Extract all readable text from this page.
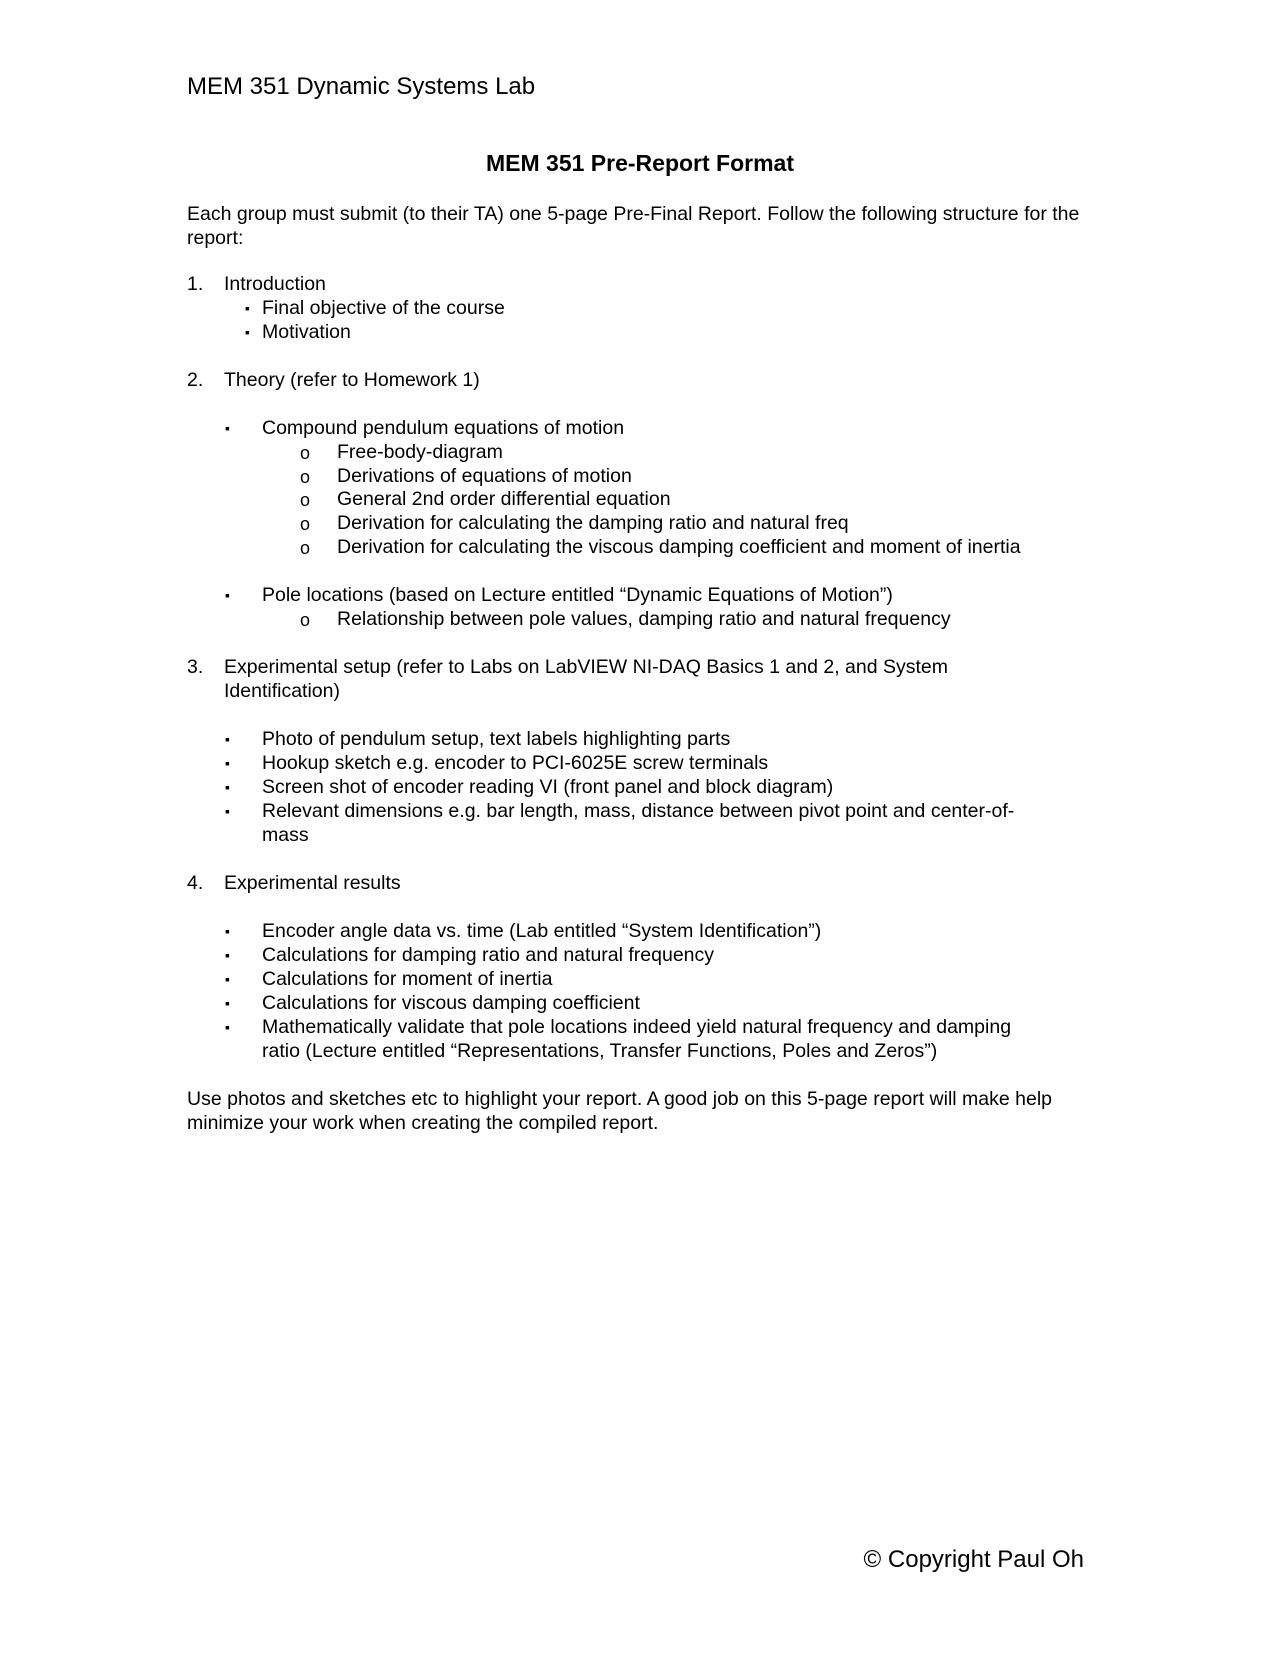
MEM 351 Dynamic Systems Lab
MEM 351 Pre-Report Format
Each group must submit (to their TA) one 5-page Pre-Final Report. Follow the following structure for the report:
1. Introduction
▪ Final objective of the course
▪ Motivation
2. Theory (refer to Homework 1)
▪ Compound pendulum equations of motion
o Free-body-diagram
o Derivations of equations of motion
o General 2nd order differential equation
o Derivation for calculating the damping ratio and natural freq
o Derivation for calculating the viscous damping coefficient and moment of inertia
▪ Pole locations (based on Lecture entitled “Dynamic Equations of Motion”)
o Relationship between pole values, damping ratio and natural frequency
3. Experimental setup (refer to Labs on LabVIEW NI-DAQ Basics 1 and 2, and System
Identification)
▪ Photo of pendulum setup, text labels highlighting parts
▪ Hookup sketch e.g. encoder to PCI-6025E screw terminals
▪ Screen shot of encoder reading VI (front panel and block diagram)
▪ Relevant dimensions e.g. bar length, mass, distance between pivot point and center-of-
mass
4. Experimental results
▪ Encoder angle data vs. time (Lab entitled “System Identification”)
▪ Calculations for damping ratio and natural frequency
▪ Calculations for moment of inertia
▪ Calculations for viscous damping coefficient
▪ Mathematically validate that pole locations indeed yield natural frequency and damping
ratio (Lecture entitled “Representations, Transfer Functions, Poles and Zeros”)
Use photos and sketches etc to highlight your report. A good job on this 5-page report will make help minimize your work when creating the compiled report.
© Copyright Paul Oh
